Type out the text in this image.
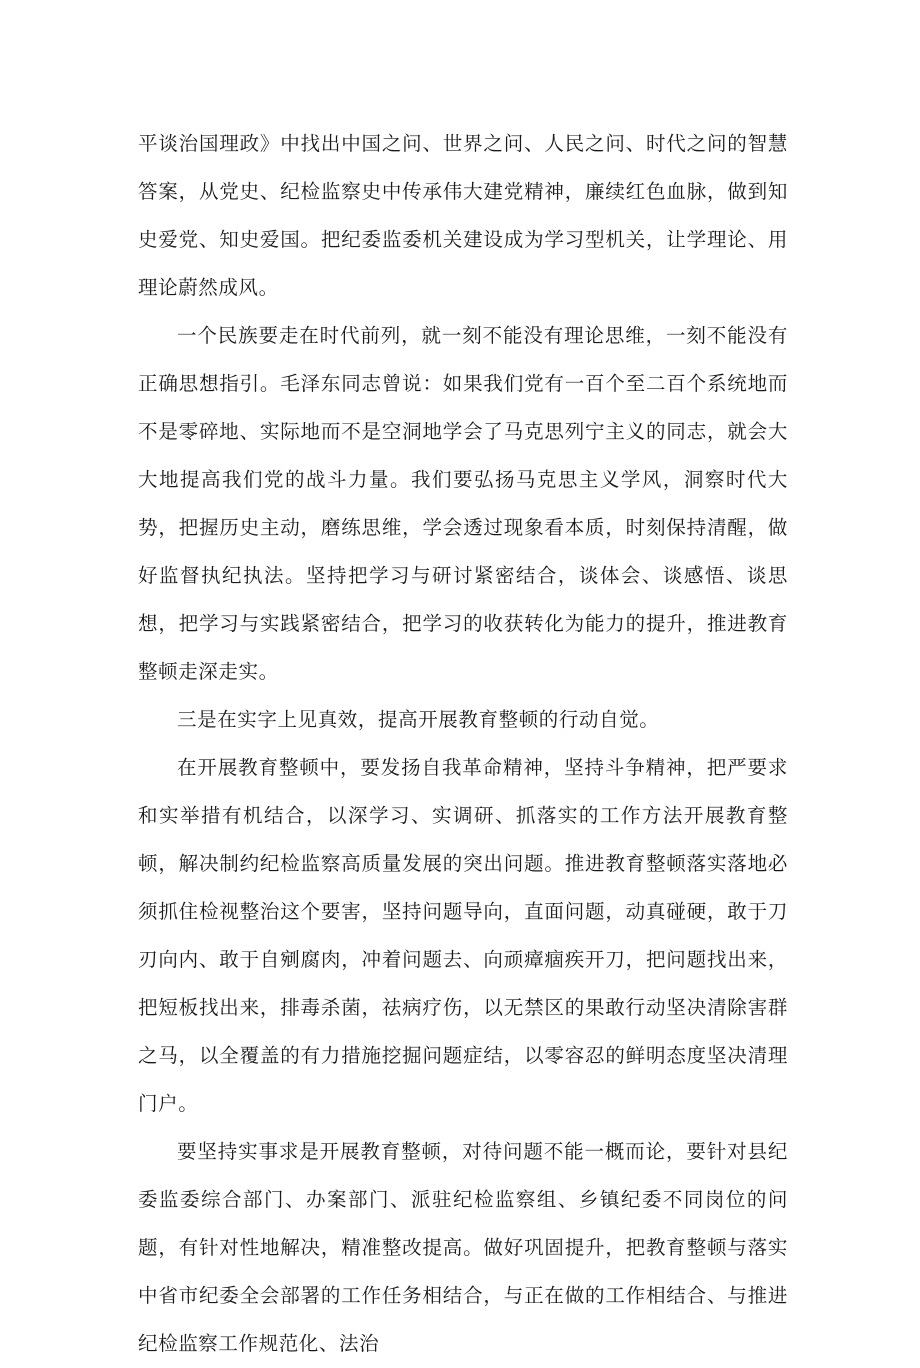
平谈治国理政》中找出中国之问、世界之问、人民之问、时代之问的智慧答案，从党史、纪检监察史中传承伟大建党精神，廉续红色血脉，做到知史爱党、知史爱国。把纪委监委机关建设成为学习型机关，让学理论、用理论蔚然成风。

一个民族要走在时代前列，就一刻不能没有理论思维，一刻不能没有正确思想指引。毛泽东同志曾说：如果我们党有一百个至二百个系统地而不是零碎地、实际地而不是空洞地学会了马克思列宁主义的同志，就会大大地提高我们党的战斗力量。我们要弘扬马克思主义学风，洞察时代大势，把握历史主动，磨练思维，学会透过现象看本质，时刻保持清醒，做好监督执纪执法。坚持把学习与研讨紧密结合，谈体会、谈感悟、谈思想，把学习与实践紧密结合，把学习的收获转化为能力的提升，推进教育整顿走深走实。

三是在实字上见真效，提高开展教育整顿的行动自觉。

在开展教育整顿中，要发扬自我革命精神，坚持斗争精神，把严要求和实举措有机结合，以深学习、实调研、抓落实的工作方法开展教育整顿，解决制约纪检监察高质量发展的突出问题。推进教育整顿落实落地必须抓住检视整治这个要害，坚持问题导向，直面问题，动真碰硬，敢于刀刃向内、敢于自剜腐肉，冲着问题去、向顽瘴痼疾开刀，把问题找出来，把短板找出来，排毒杀菌，祛病疗伤，以无禁区的果敢行动坚决清除害群之马，以全覆盖的有力措施挖掘问题症结，以零容忍的鲜明态度坚决清理门户。

要坚持实事求是开展教育整顿，对待问题不能一概而论，要针对县纪委监委综合部门、办案部门、派驻纪检监察组、乡镇纪委不同岗位的问题，有针对性地解决，精准整改提高。做好巩固提升，把教育整顿与落实中省市纪委全会部署的工作任务相结合，与正在做的工作相结合、与推进纪检监察工作规范化、法治
